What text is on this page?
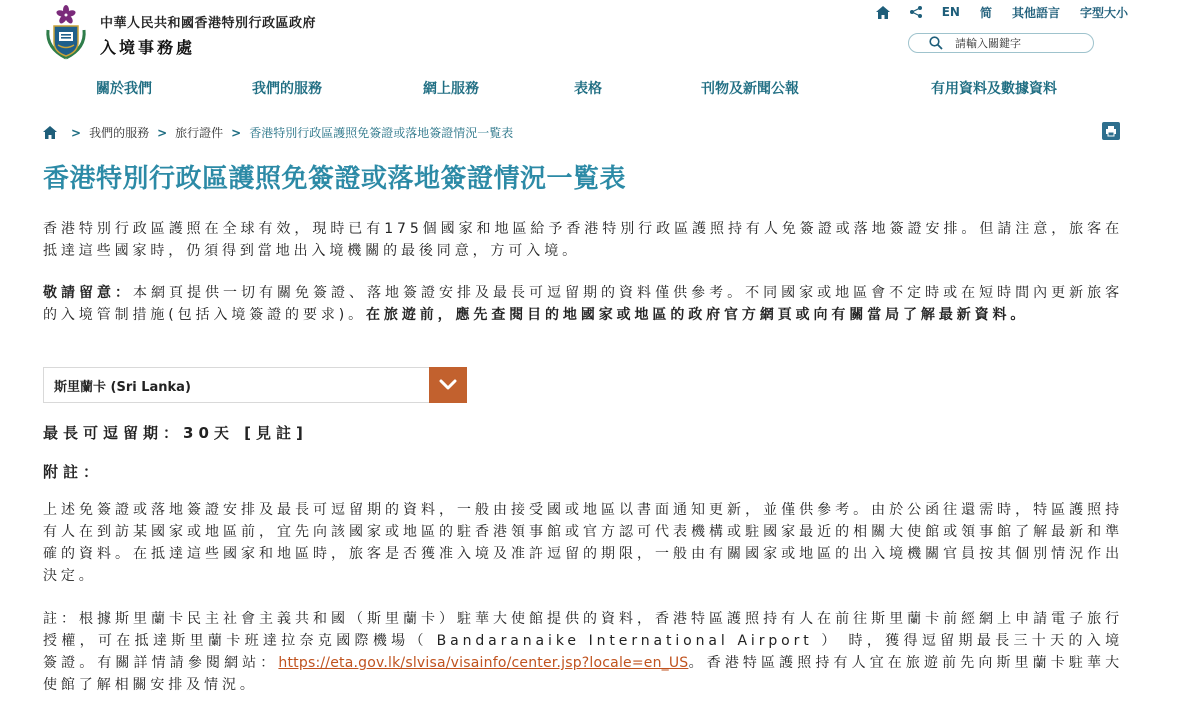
中華人民共和國香港特別行政區政府
入境事務處
EN	简	其他語言	字型大小
請輸入關鍵字
關於我們	我們的服務	網上服務	表格	刊物及新聞公報	有用資料及數據資料
> 我們的服務 > 旅行證件 > 香港特別行政區護照免簽證或落地簽證情況一覧表
香港特別行政區護照免簽證或落地簽證情況一覧表

香港特別行政區護照在全球有效，現時已有175個國家和地區給予香港特別行政區護照持有人免簽證或落地簽證安排。但請注意，旅客在抵達這些國家時，仍須得到當地出入境機關的最後同意，方可入境。

敬請留意：本網頁提供一切有關免簽證、落地簽證安排及最長可逗留期的資料僅供參考。不同國家或地區會不定時或在短時間內更新旅客的入境管制措施(包括入境簽證的要求)。在旅遊前，應先查閱目的地國家或地區的政府官方網頁或向有關當局了解最新資料。

斯里蘭卡 (Sri Lanka)
最長可逗留期：30天 [見註]
附註：

上述免簽證或落地簽證安排及最長可逗留期的資料，一般由接受國或地區以書面通知更新，並僅供參考。由於公函往還需時，特區護照持有人在到訪某國家或地區前，宜先向該國家或地區的駐香港領事館或官方認可代表機構或駐國家最近的相關大使館或領事館了解最新和準確的資料。在抵達這些國家和地區時，旅客是否獲准入境及准許逗留的期限，一般由有關國家或地區的出入境機關官員按其個別情況作出決定。

註：根據斯里蘭卡民主社會主義共和國（斯里蘭卡）駐華大使館提供的資料，香港特區護照持有人在前往斯里蘭卡前經網上申請電子旅行授權，可在抵達斯里蘭卡班達拉奈克國際機場（ Bandaranaike International Airport ） 時，獲得逗留期最長三十天的入境簽證。有關詳情請參閱網站：https://eta.gov.lk/slvisa/visainfo/center.jsp?locale=en_US。香港特區護照持有人宜在旅遊前先向斯里蘭卡駐華大使館了解相關安排及情況。
